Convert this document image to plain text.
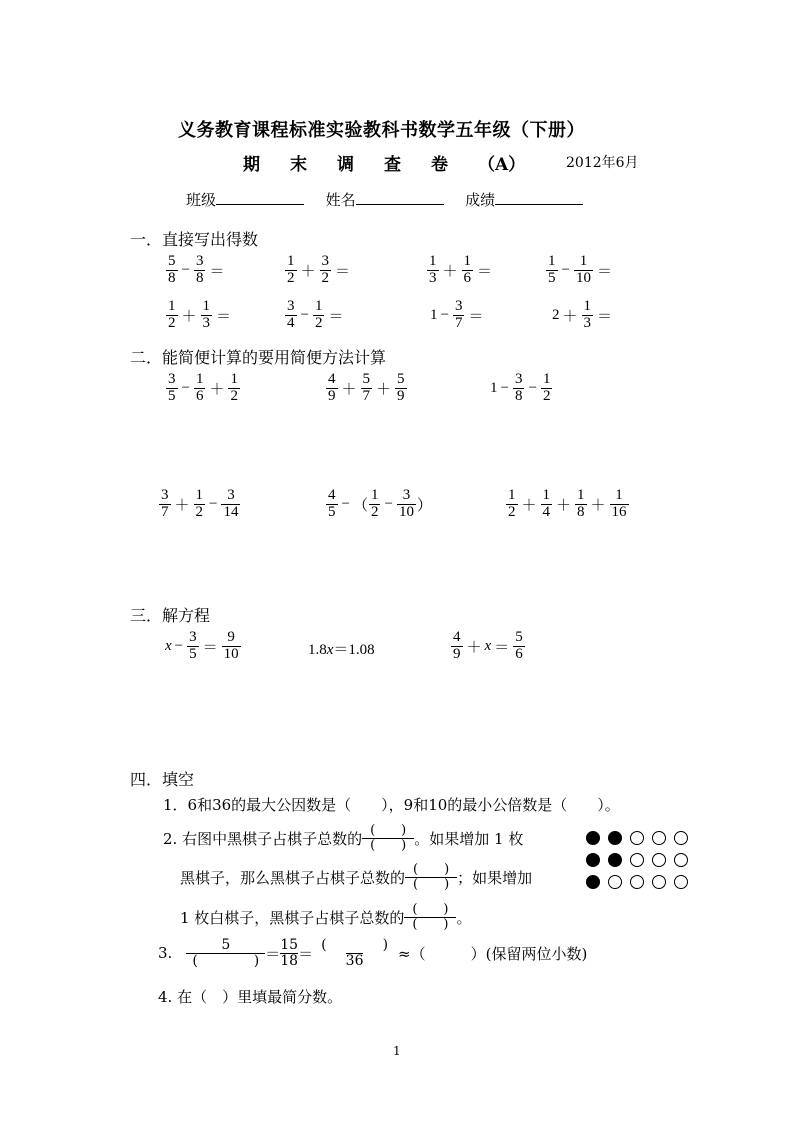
义务教育课程标准实验教科书数学五年级（下册）
期 末 调 查 卷 （A）	2012年6月
班级	姓名	成绩
一．直接写出得数
$\frac{5}{8} - \frac{3}{8}$ ＝	$\frac{1}{2} + \frac{3}{2}$ ＝	$\frac{1}{3} + \frac{1}{6}$ ＝	$\frac{1}{5} - \frac{1}{10}$ ＝
$\frac{1}{2} + \frac{1}{3}$ ＝	$\frac{3}{4} - \frac{1}{2}$ ＝	$1 - \frac{3}{7}$ ＝	$2 + \frac{1}{3}$ ＝
二．能简便计算的要用简便方法计算
$\frac{3}{5} - \frac{1}{6} + \frac{1}{2}$	$\frac{4}{9} + \frac{5}{7} + \frac{5}{9}$	$1 - \frac{3}{8} - \frac{1}{2}$
$\frac{3}{7} + \frac{1}{2} - \frac{3}{14}$	$\frac{4}{5}$ − （ $\frac{1}{2} - \frac{3}{10}$ ）	$\frac{1}{2} + \frac{1}{4} + \frac{1}{8} + \frac{1}{16}$
三．解方程
$x - \frac{3}{5} = \frac{9}{10}$	1.8x＝1.08	$\frac{4}{9} + x = \frac{5}{6}$
四．填空
1．6和36的最大公因数是（　　），9和10的最小公倍数是（　　）。
2. 右图中黑棋子占棋子总数的 (　　)
(　　) 。如果增加 1 枚
黑棋子，那么黑棋子占棋子总数的 (　　)
(　　) ；如果增加
1 枚白棋子，黑棋子占棋子总数的 (　　)
(　　) 。
3.	5
(　　　　) ＝ $\frac{15}{18}$ ＝ (　　　　)
36 ≈（　　　）(保留两位小数)
4. 在（　）里填最简分数。
1
